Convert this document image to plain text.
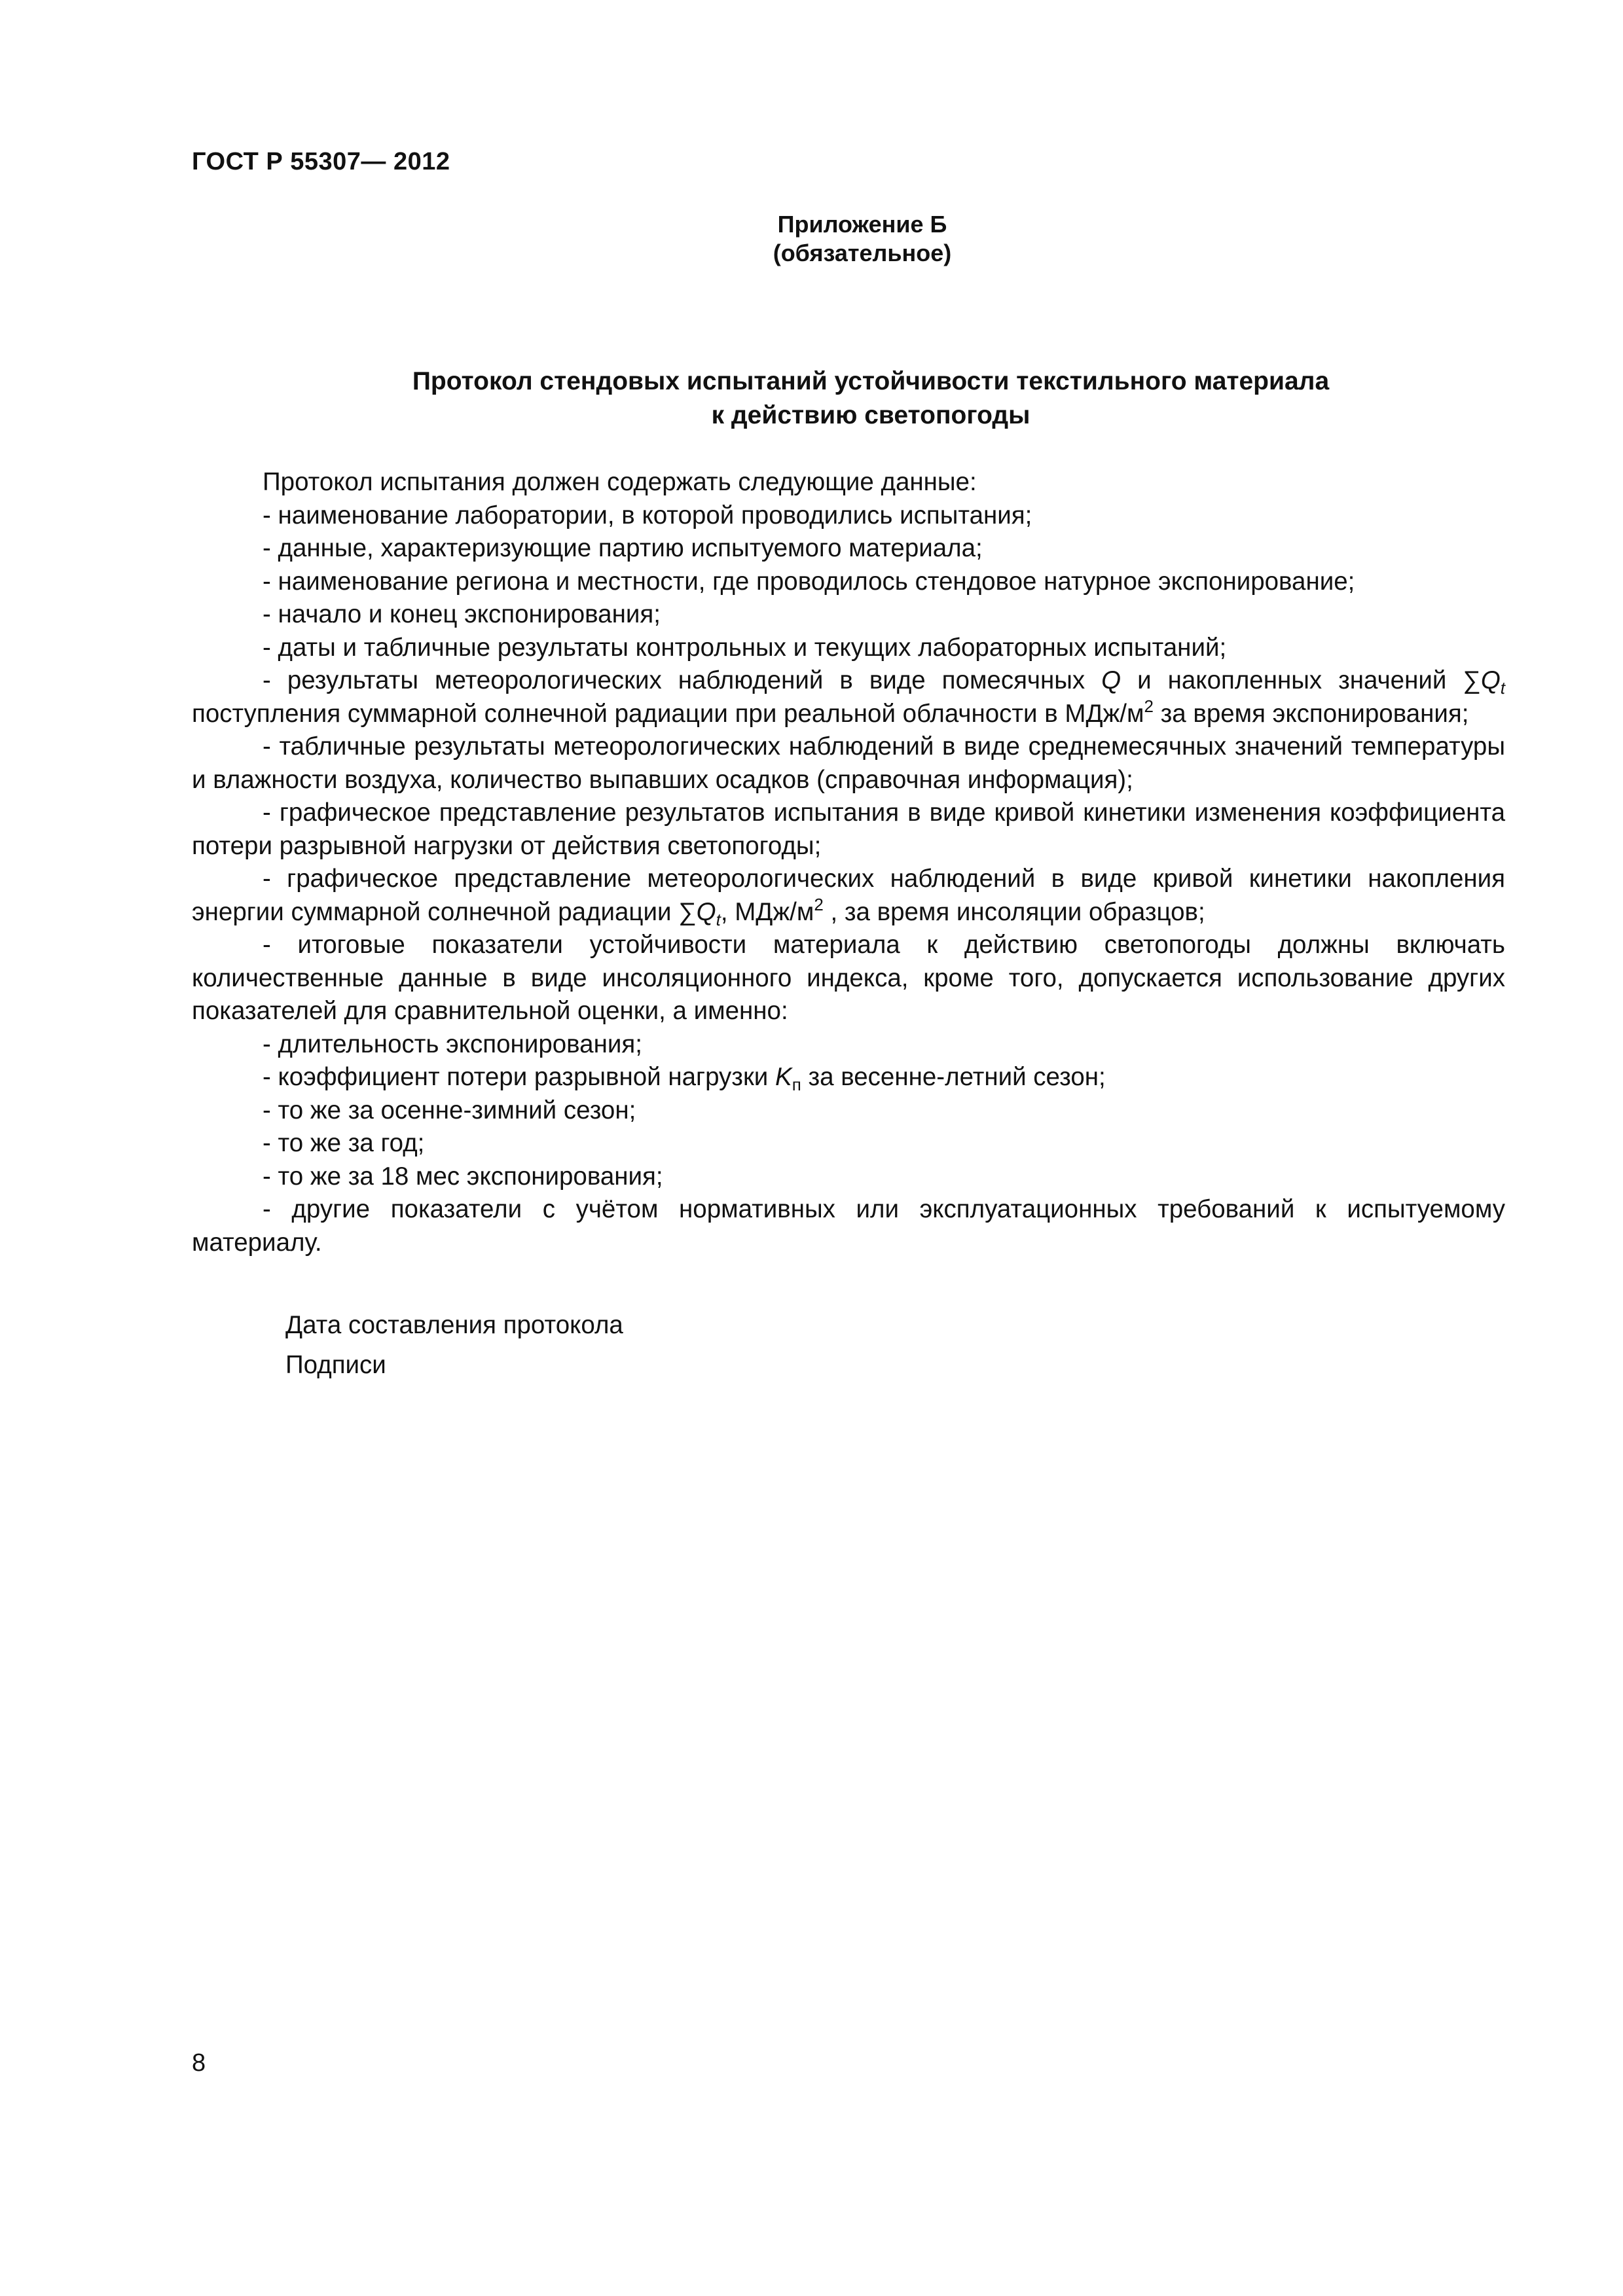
ГОСТ Р 55307— 2012
Приложение Б
(обязательное)
Протокол стендовых испытаний устойчивости текстильного материала
к действию светопогоды

Протокол испытания должен содержать следующие данные:

- наименование лаборатории, в которой проводились испытания;

- данные, характеризующие партию испытуемого материала;

- наименование региона и местности, где проводилось стендовое натурное экспонирование;

- начало и конец экспонирования;

- даты и табличные результаты контрольных и текущих лабораторных испытаний;

- результаты метеорологических наблюдений в виде помесячных Q и накопленных значений $\sum Q_t$ поступления суммарной солнечной радиации при реальной облачности в МДж/$м^2$ за время экспонирования;

- табличные результаты метеорологических наблюдений в виде среднемесячных значений температуры и влажности воздуха, количество выпавших осадков (справочная информация);

- графическое представление результатов испытания в виде кривой кинетики изменения коэффициента потери разрывной нагрузки от действия светопогоды;

- графическое представление метеорологических наблюдений в виде кривой кинетики накопления энергии суммарной солнечной радиации $\sum Q_t$, МДж/$м^2$ , за время инсоляции образцов;

- итоговые показатели устойчивости материала к действию светопогоды должны включать количественные данные в виде инсоляционного индекса, кроме того, допускается использование других показателей для сравнительной оценки, а именно:

- длительность экспонирования;

- коэффициент потери разрывной нагрузки $K_п$ за весенне-летний сезон;

- то же за осенне-зимний сезон;

- то же за год;

- то же за 18 мес экспонирования;

- другие показатели с учётом нормативных или эксплуатационных требований к испытуемому материалу.

Дата составления протокола
Подписи
8
